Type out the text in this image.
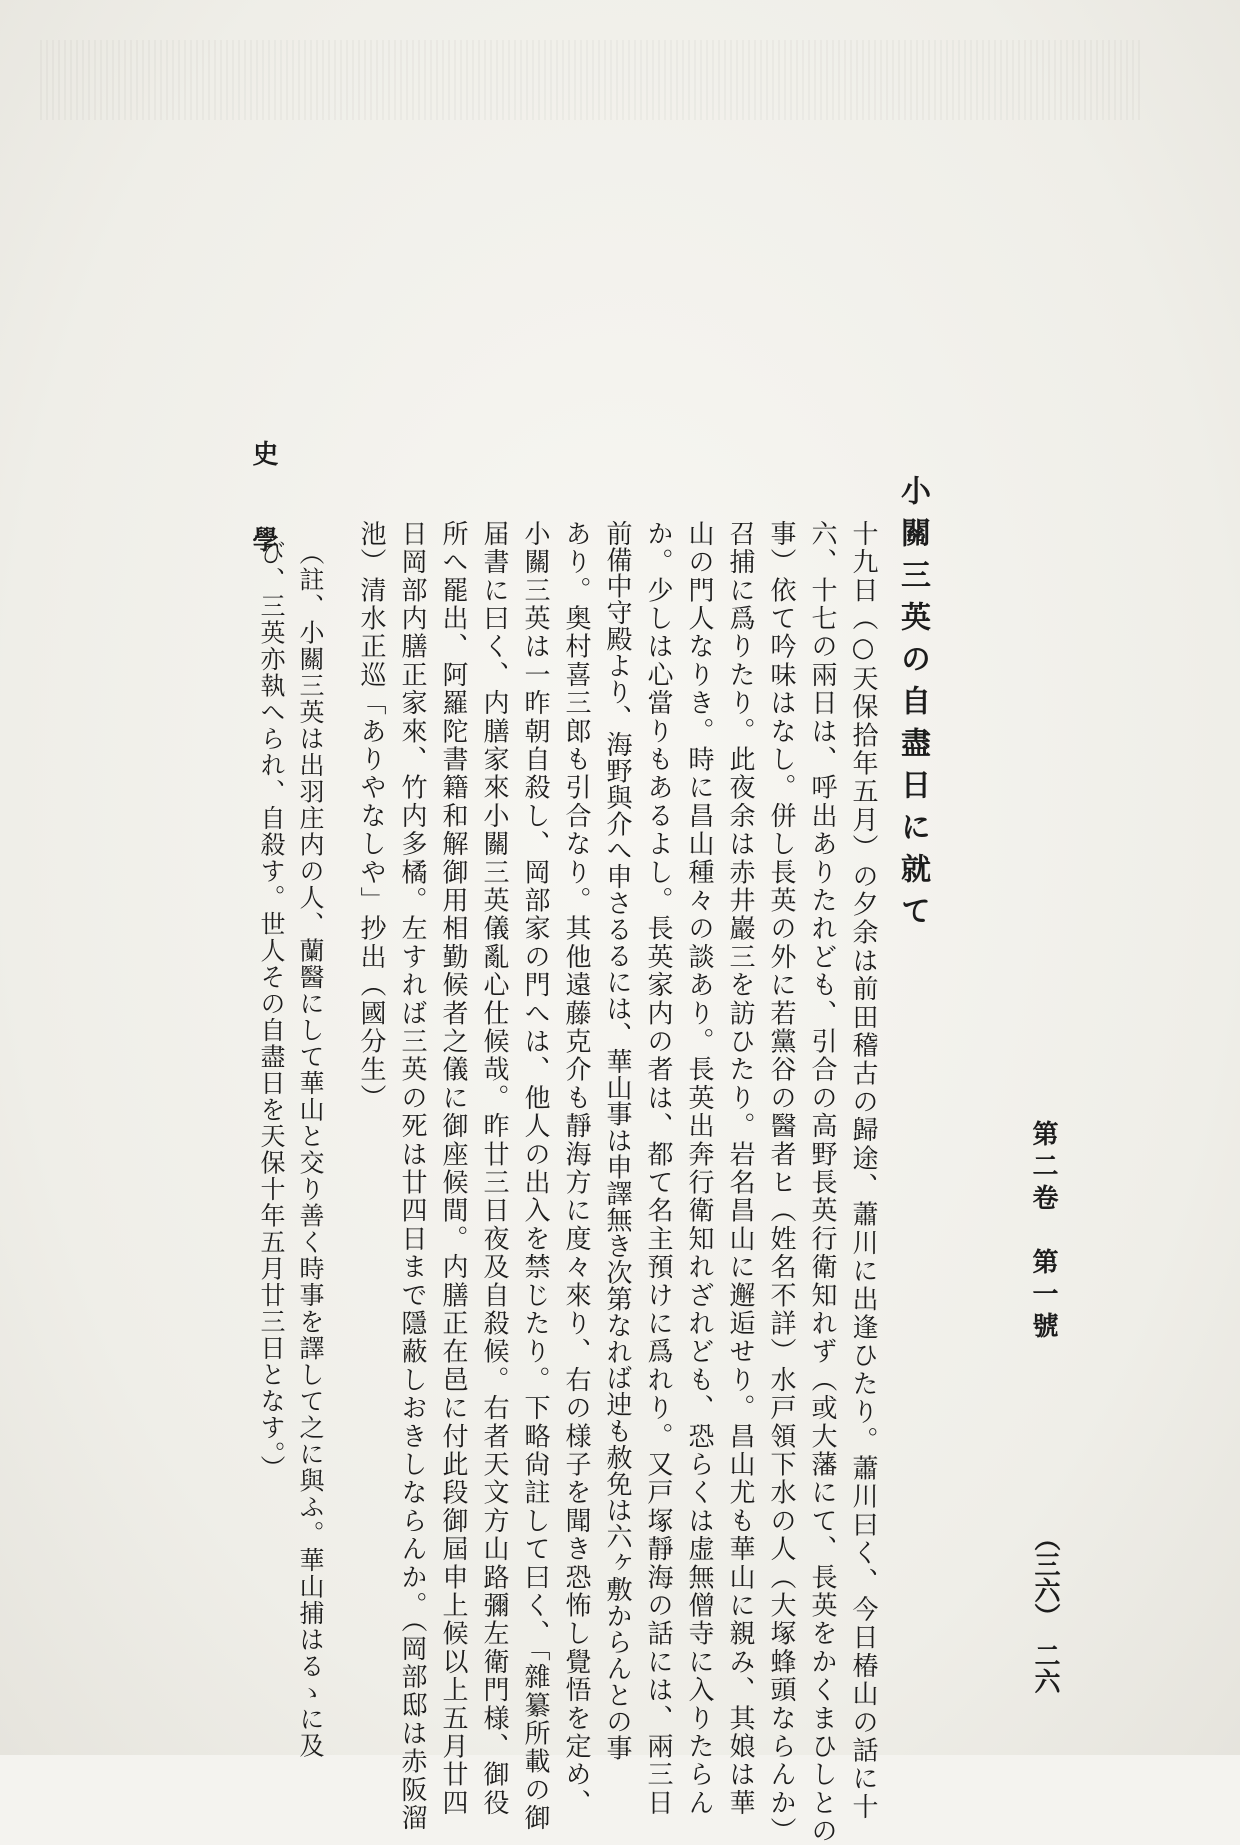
史學	小關三英の自盡日に就て
十九日（○天保拾年五月）の夕余は前田稽古の歸途、蕭川に出逢ひたり。蕭川曰く、今日椿山の話に十
六、十七の兩日は、呼出ありたれども、引合の高野長英行衛知れず（或大藩にて、長英をかくまひしとの
事）依て吟味はなし。併し長英の外に若黨谷の醫者ヒ（姓名不詳）水戸領下水の人（大塚蜂頭ならんか）
召捕に爲りたり。此夜余は赤井巖三を訪ひたり。岩名昌山に邂逅せり。昌山尤も華山に親み、其娘は華
山の門人なりき。時に昌山種々の談あり。長英出奔行衛知れざれども、恐らくは虚無僧寺に入りたらん
か。少しは心當りもあるよし。長英家内の者は、都て名主預けに爲れり。又戸塚靜海の話には、兩三日
前備中守殿より、海野與介へ申さるるには、華山事は申譯無き次第なれば迚も赦免は六ヶ敷からんとの事
あり。奥村喜三郎も引合なり。其他遠藤克介も靜海方に度々來り、右の様子を聞き恐怖し覺悟を定め、
小關三英は一昨朝自殺し、岡部家の門へは、他人の出入を禁じたり。下略尙註して曰く、「雜纂所載の御
届書に曰く、内膳家來小關三英儀亂心仕候哉。昨廿三日夜及自殺候。右者天文方山路彌左衛門様、御役
所へ罷出、阿羅陀書籍和解御用相勤候者之儀に御座候間。内膳正在邑に付此段御屆申上候以上五月廿四
日岡部内膳正家來、竹内多橘。左すれば三英の死は廿四日まで隱蔽しおきしならんか。（岡部邸は赤阪溜
池）清水正巡「ありやなしや」抄出（國分生）
（註、小關三英は出羽庄内の人、蘭醫にして華山と交り善く時事を譯して之に與ふ。華山捕はるゝに及
び、三英亦執へられ、自殺す。世人その自盡日を天保十年五月廿三日となす。）	第二卷　第一號
（三六）　二六
